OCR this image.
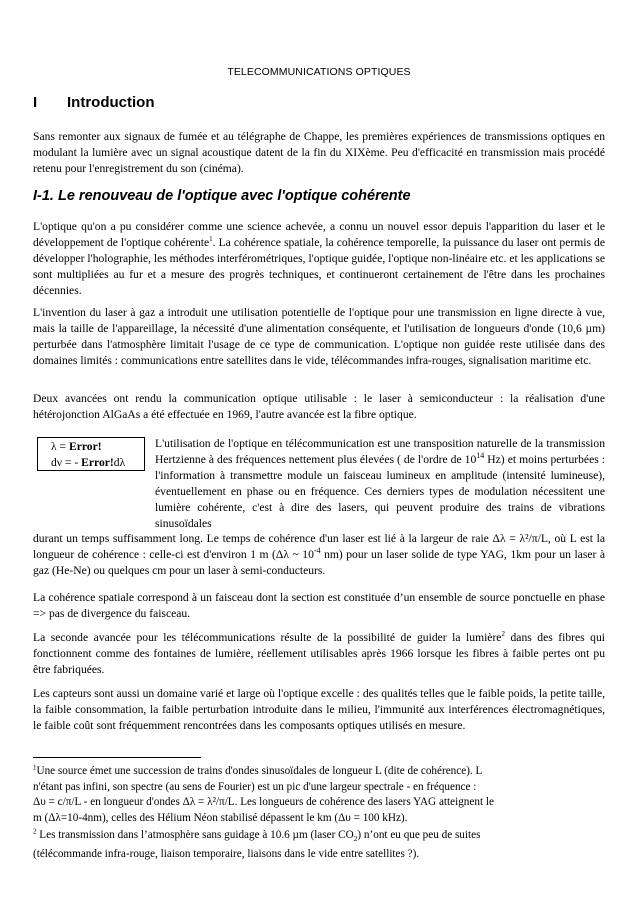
TELECOMMUNICATIONS OPTIQUES
I Introduction
Sans remonter aux signaux de fumée et au télégraphe de Chappe, les premières expériences de transmissions optiques en modulant la lumière avec un signal acoustique datent de la fin du XIXème. Peu d'efficacité en transmission mais procédé retenu pour l'enregistrement du son (cinéma).
I-1. Le renouveau de l'optique avec l'optique cohérente
L'optique qu'on a pu considérer comme une science achevée, a connu un nouvel essor depuis l'apparition du laser et le développement de l'optique cohérente$^1$. La cohérence spatiale, la cohérence temporelle, la puissance du laser ont permis de développer l'holographie, les méthodes interférométriques, l'optique guidée, l'optique non-linéaire etc. et les applications se sont multipliées au fur et a mesure des progrès techniques, et continueront certainement de l'être dans les prochaines décennies.
L'invention du laser à gaz a introduit une utilisation potentielle de l'optique pour une transmission en ligne directe à vue, mais la taille de l'appareillage, la nécessité d'une alimentation conséquente, et l'utilisation de longueurs d'onde (10,6 µm) perturbée dans l'atmosphère limitait l'usage de ce type de communication. L'optique non guidée reste utilisée dans des domaines limités : communications entre satellites dans le vide, télécommandes infra-rouges, signalisation maritime etc.
Deux avancées ont rendu la communication optique utilisable : le laser à semiconducteur : la réalisation d'une hétérojonction AlGaAs a été effectuée en 1969, l'autre avancée est la fibre optique.
λ = Error!
dν = - Error!dλ
L'utilisation de l'optique en télécommunication est une transposition naturelle de la transmission Hertzienne à des fréquences nettement plus élevées ( de l'ordre de $10^{14}$ Hz) et moins perturbées : l'information à transmettre module un faisceau lumineux en amplitude (intensité lumineuse), éventuellement en phase ou en fréquence. Ces derniers types de modulation nécessitent une lumière cohérente, c'est à dire des lasers, qui peuvent produire des trains de vibrations sinusoïdales
durant un temps suffisamment long. Le temps de cohérence d'un laser est lié à la largeur de raie Δλ = λ²/π/L, où L est la longueur de cohérence : celle-ci est d'environ 1 m (Δλ ~ $10^{-4}$ nm) pour un laser solide de type YAG, 1km pour un laser à gaz (He-Ne) ou quelques cm pour un laser à semi-conducteurs.
La cohérence spatiale correspond à un faisceau dont la section est constituée d’un ensemble de source ponctuelle en phase => pas de divergence du faisceau.
La seconde avancée pour les télécommunications résulte de la possibilité de guider la lumière$^2$ dans des fibres qui fonctionnent comme des fontaines de lumière, réellement utilisables après 1966 lorsque les fibres à faible pertes ont pu être fabriquées.
Les capteurs sont aussi un domaine varié et large où l'optique excelle : des qualités telles que le faible poids, la petite taille, la faible consommation, la faible perturbation introduite dans le milieu, l'immunité aux interférences électromagnétiques, le faible coût sont fréquemment rencontrées dans les composants optiques utilisés en mesure.
$^1$Une source émet une succession de trains d'ondes sinusoïdales de longueur L (dite de cohérence). L
n'étant pas infini, son spectre (au sens de Fourier) est un pic d'une largeur spectrale - en fréquence :
Δυ = c/π/L - en longueur d'ondes Δλ = λ²/π/L. Les longueurs de cohérence des lasers YAG atteignent le
m (Δλ=10-4nm), celles des Hélium Néon stabilisé dépassent le km (Δυ = 100 kHz).
$^2$ Les transmission dans l’atmosphère sans guidage à 10.6 µm (laser $CO_2$) n’ont eu que peu de suites
(télécommande infra-rouge, liaison temporaire, liaisons dans le vide entre satellites ?).
